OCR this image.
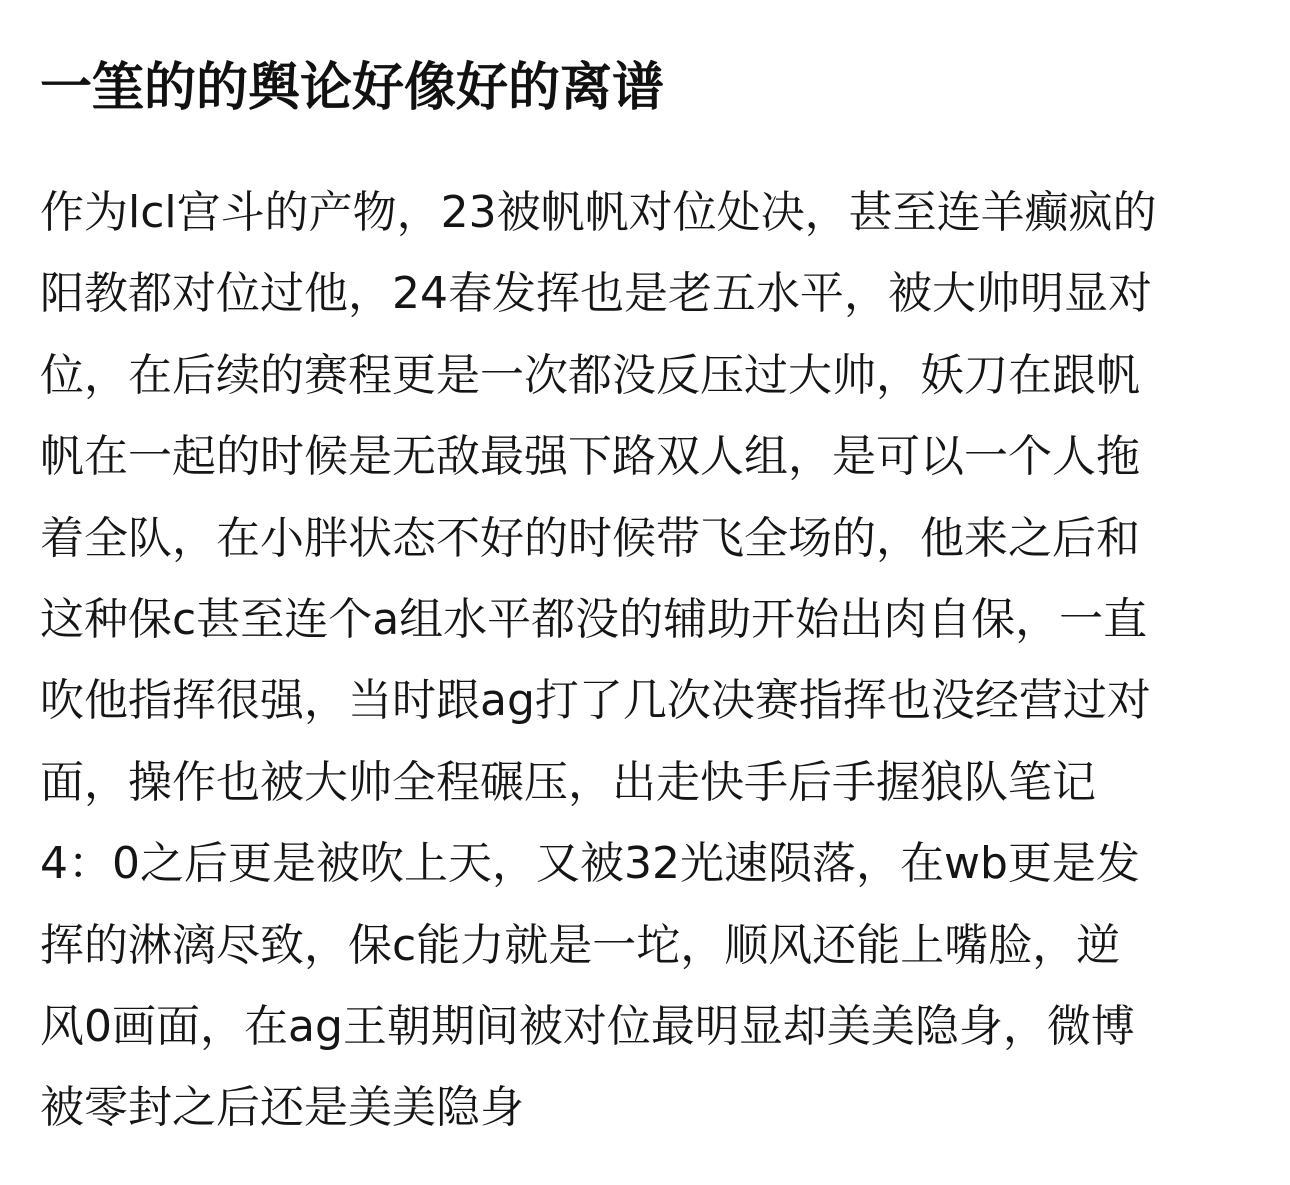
一筀的的舆论好像好的离谱
作为lcl宫斗的产物，23被帆帆对位处决，甚至连羊癫疯的
阳教都对位过他，24春发挥也是老五水平，被大帅明显对
位，在后续的赛程更是一次都没反压过大帅，妖刀在跟帆
帆在一起的时候是无敌最强下路双人组，是可以一个人拖
着全队，在小胖状态不好的时候带飞全场的，他来之后和
这种保c甚至连个a组水平都没的辅助开始出肉自保，一直
吹他指挥很强，当时跟ag打了几次决赛指挥也没经营过对
面，操作也被大帅全程碾压，出走快手后手握狼队笔记
4：0之后更是被吹上天，又被32光速陨落，在wb更是发
挥的淋漓尽致，保c能力就是一坨，顺风还能上嘴脸，逆
风0画面，在ag王朝期间被对位最明显却美美隐身，微博
被零封之后还是美美隐身
